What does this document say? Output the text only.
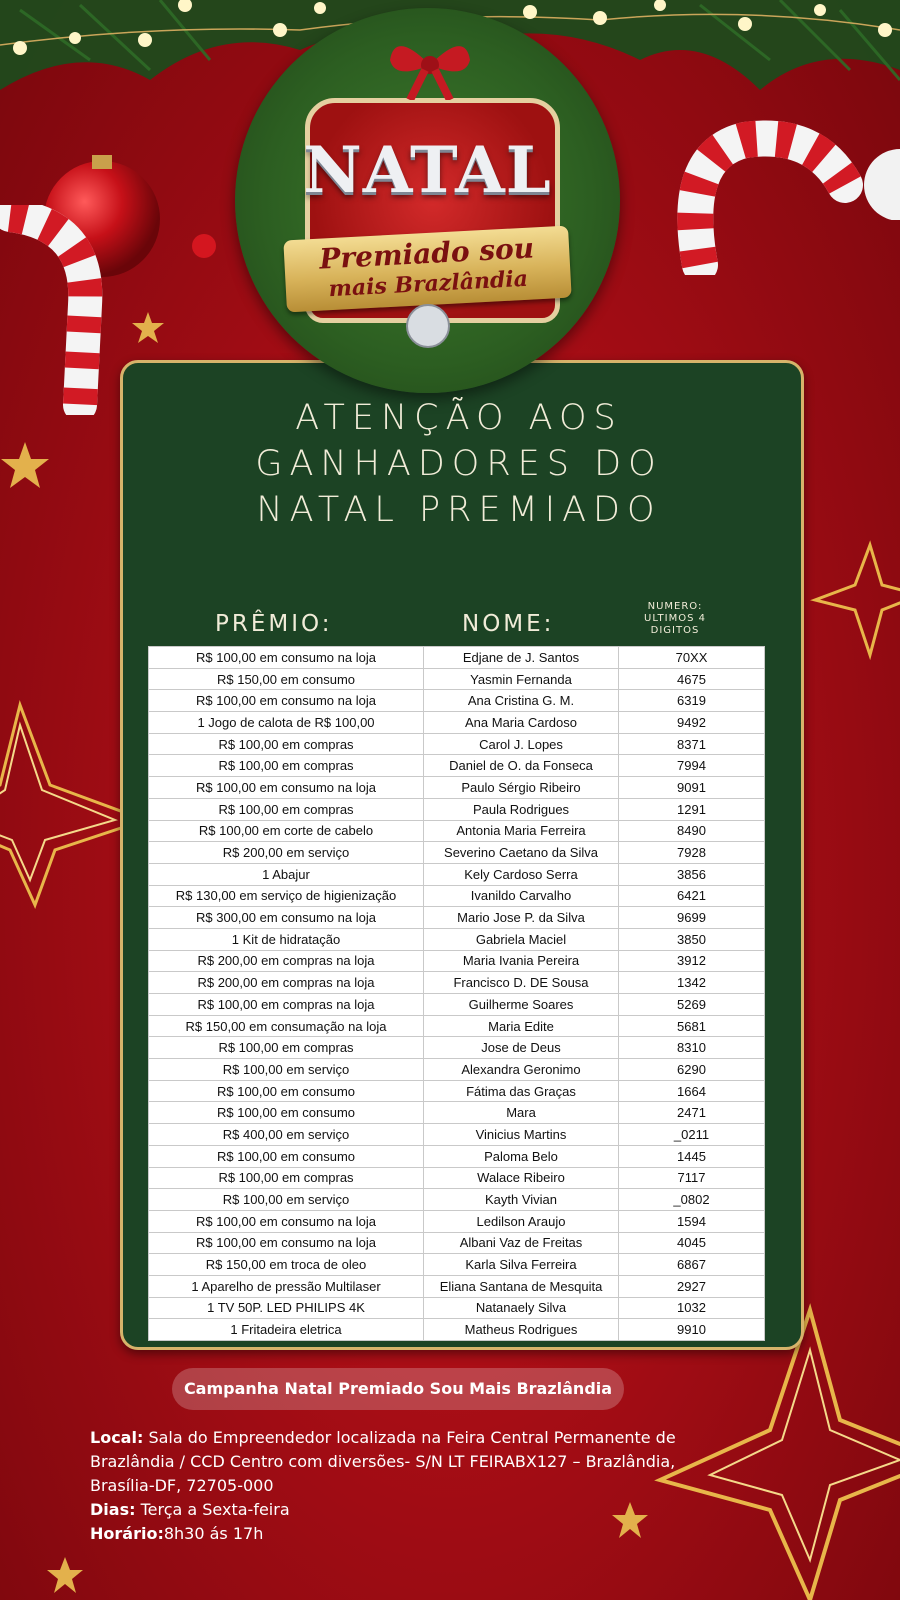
NATAL
Premiado sou
mais Brazlândia
ATENÇÃO AOS
GANHADORES DO
NATAL PREMIADO
PRÊMIO:	NOME:
NUMERO:
ULTIMOS 4
DIGITOS
R$ 100,00 em consumo na loja	Edjane de J. Santos	70XX
R$ 150,00 em consumo	Yasmin Fernanda	4675
R$ 100,00 em consumo na loja	Ana Cristina G. M.	6319
1 Jogo de calota de R$ 100,00	Ana Maria Cardoso	9492
R$ 100,00 em compras	Carol J. Lopes	8371
R$ 100,00 em compras	Daniel de O. da Fonseca	7994
R$ 100,00 em consumo na loja	Paulo Sérgio Ribeiro	9091
R$ 100,00 em compras	Paula Rodrigues	1291
R$ 100,00 em corte de cabelo	Antonia Maria Ferreira	8490
R$ 200,00 em serviço	Severino Caetano da Silva	7928
1 Abajur	Kely Cardoso Serra	3856
R$ 130,00 em serviço de higienização	Ivanildo Carvalho	6421
R$ 300,00 em consumo na loja	Mario Jose P. da Silva	9699
1 Kit de hidratação	Gabriela Maciel	3850
R$ 200,00 em compras na loja	Maria Ivania Pereira	3912
R$ 200,00 em compras na loja	Francisco D. DE Sousa	1342
R$ 100,00 em compras na loja	Guilherme Soares	5269
R$ 150,00 em consumação na loja	Maria Edite	5681
R$ 100,00 em compras	Jose de Deus	8310
R$ 100,00 em serviço	Alexandra Geronimo	6290
R$ 100,00 em consumo	Fátima das Graças	1664
R$ 100,00 em consumo	Mara	2471
R$ 400,00 em serviço	Vinicius Martins	_0211
R$ 100,00 em consumo	Paloma Belo	1445
R$ 100,00 em compras	Walace Ribeiro	7117
R$ 100,00 em serviço	Kayth Vivian	_0802
R$ 100,00 em consumo na loja	Ledilson Araujo	1594
R$ 100,00 em consumo na loja	Albani Vaz de Freitas	4045
R$ 150,00 em troca de oleo	Karla Silva Ferreira	6867
1 Aparelho de pressão Multilaser	Eliana Santana de Mesquita	2927
1 TV 50P. LED PHILIPS 4K	Natanaely Silva	1032
1 Fritadeira eletrica	Matheus Rodrigues	9910
Campanha Natal Premiado Sou Mais Brazlândia
Local: Sala do Empreendedor localizada na Feira Central Permanente de Brazlândia / CCD Centro com diversões- S/N LT FEIRABX127 – Brazlândia, Brasília-DF, 72705-000
Dias: Terça a Sexta-feira
Horário:8h30 ás 17h
